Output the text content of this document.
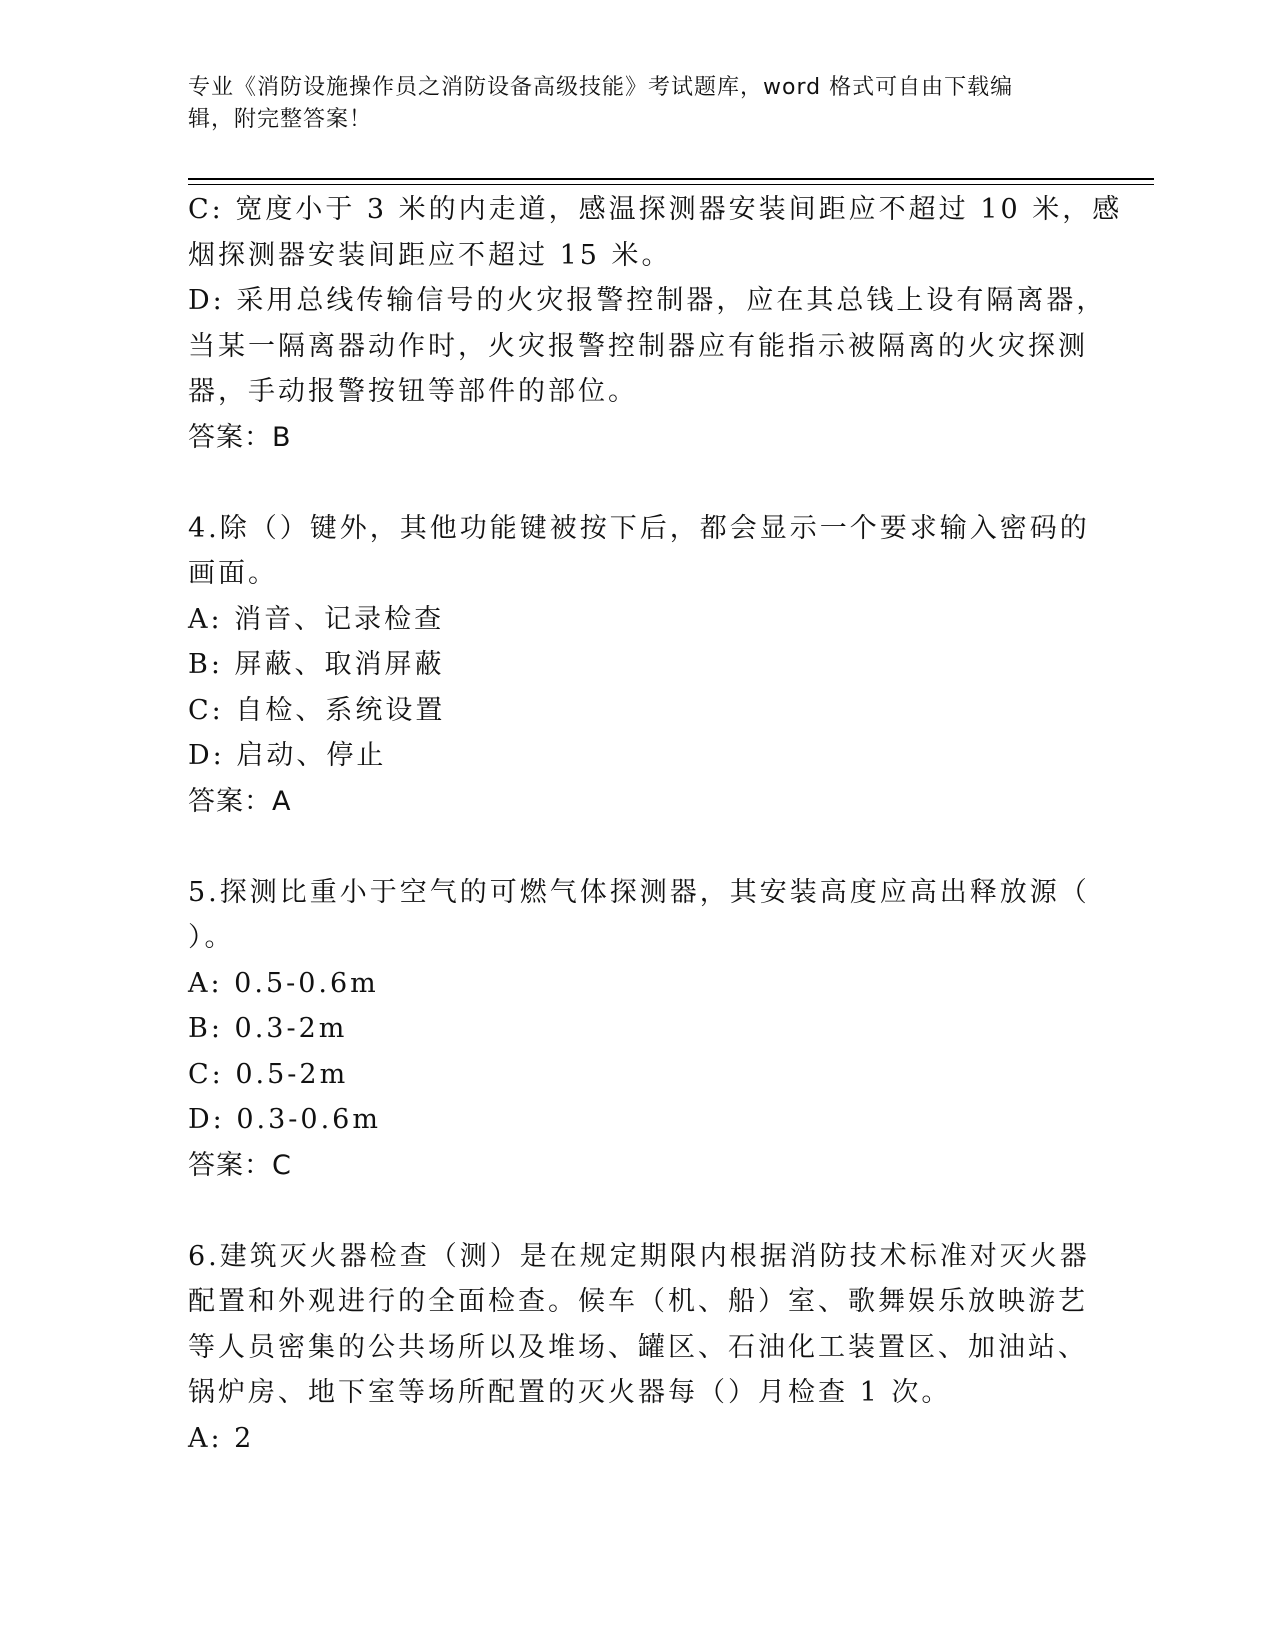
专业《消防设施操作员之消防设备高级技能》考试题库，word 格式可自由下载编
辑，附完整答案！
C: 宽度小于 3 米的内走道，感温探测器安装间距应不超过 10 米，感
烟探测器安装间距应不超过 15 米。
D: 采用总线传输信号的火灾报警控制器，应在其总钱上设有隔离器，
当某一隔离器动作时，火灾报警控制器应有能指示被隔离的火灾探测
器，手动报警按钮等部件的部位。
答案：B
4.除（）键外，其他功能键被按下后，都会显示一个要求输入密码的
画面。
A: 消音、记录检查
B: 屏蔽、取消屏蔽
C: 自检、系统设置
D: 启动、停止
答案：A
5.探测比重小于空气的可燃气体探测器，其安装高度应高出释放源（
）。
A: 0.5-0.6m
B: 0.3-2m
C: 0.5-2m
D: 0.3-0.6m
答案：C
6.建筑灭火器检查（测）是在规定期限内根据消防技术标准对灭火器
配置和外观进行的全面检查。候车（机、船）室、歌舞娱乐放映游艺
等人员密集的公共场所以及堆场、罐区、石油化工装置区、加油站、
锅炉房、地下室等场所配置的灭火器每（）月检查 1 次。
A: 2
